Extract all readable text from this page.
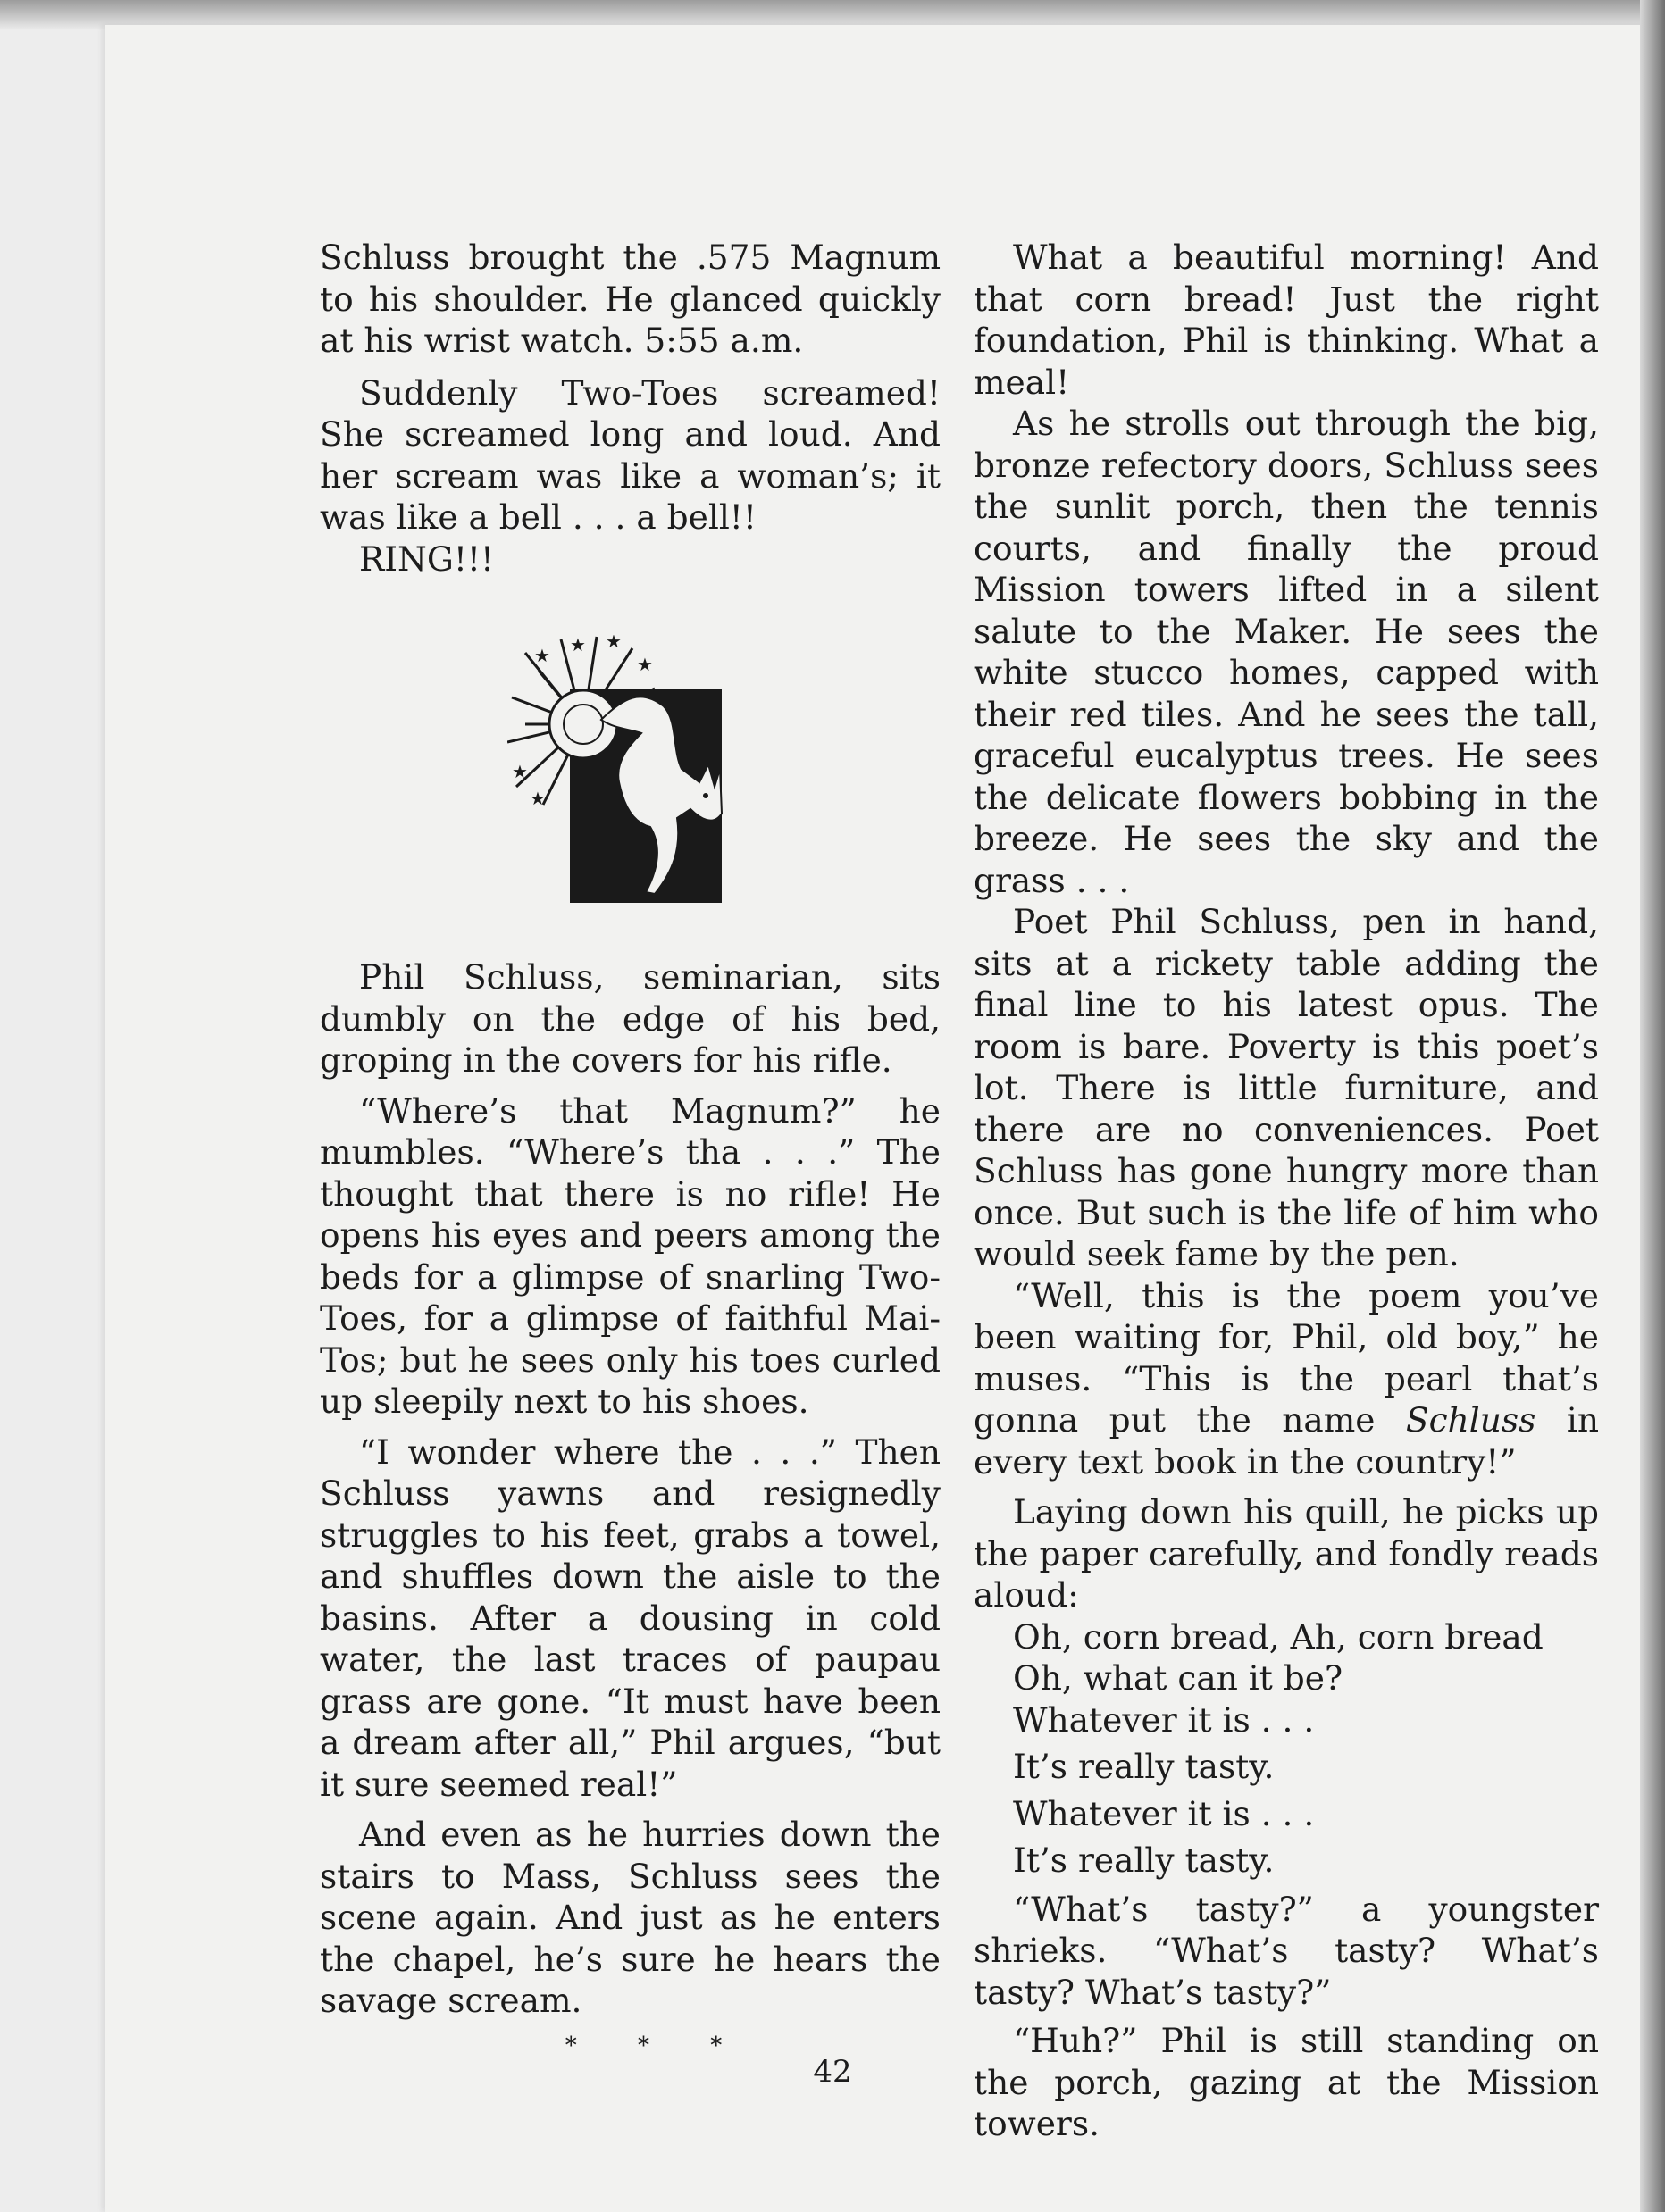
Schluss brought the .575 Magnum to his shoulder. He glanced quickly at his wrist watch. 5:55 a.m.

Suddenly Two-Toes screamed! She screamed long and loud. And her scream was like a woman’s; it was like a bell . . . a bell!!

RING!!!

★ ★ ★
★
★
★

Phil Schluss, seminarian, sits dumbly on the edge of his bed, groping in the covers for his rifle.

“Where’s that Magnum?” he mumbles. “Where’s tha . . .” The thought that there is no rifle! He opens his eyes and peers among the beds for a glimpse of snarling Two-Toes, for a glimpse of faithful Mai-Tos; but he sees only his toes curled up sleepily next to his shoes.

“I wonder where the . . .” Then Schluss yawns and resignedly struggles to his feet, grabs a towel, and shuffles down the aisle to the basins. After a dousing in cold water, the last traces of paupau grass are gone. “It must have been a dream after all,” Phil argues, “but it sure seemed real!”

And even as he hurries down the stairs to Mass, Schluss sees the scene again. And just as he enters the chapel, he’s sure he hears the savage scream.

* * *

What a beautiful morning! And that corn bread! Just the right foundation, Phil is thinking. What a meal!

As he strolls out through the big, bronze refectory doors, Schluss sees the sunlit porch, then the tennis courts, and finally the proud Mission towers lifted in a silent salute to the Maker. He sees the white stucco homes, capped with their red tiles. And he sees the tall, graceful eucalyptus trees. He sees the delicate flowers bobbing in the breeze. He sees the sky and the grass . . .

Poet Phil Schluss, pen in hand, sits at a rickety table adding the final line to his latest opus. The room is bare. Poverty is this poet’s lot. There is little furniture, and there are no conveniences. Poet Schluss has gone hungry more than once. But such is the life of him who would seek fame by the pen.

“Well, this is the poem you’ve been waiting for, Phil, old boy,” he muses. “This is the pearl that’s gonna put the name Schluss in every text book in the country!”

Laying down his quill, he picks up the paper carefully, and fondly reads aloud:

Oh, corn bread, Ah, corn bread

Oh, what can it be?

Whatever it is . . .

It’s really tasty.

Whatever it is . . .

It’s really tasty.

“What’s tasty?” a youngster shrieks. “What’s tasty? What’s tasty? What’s tasty?”

“Huh?” Phil is still standing on the porch, gazing at the Mission towers.

42
